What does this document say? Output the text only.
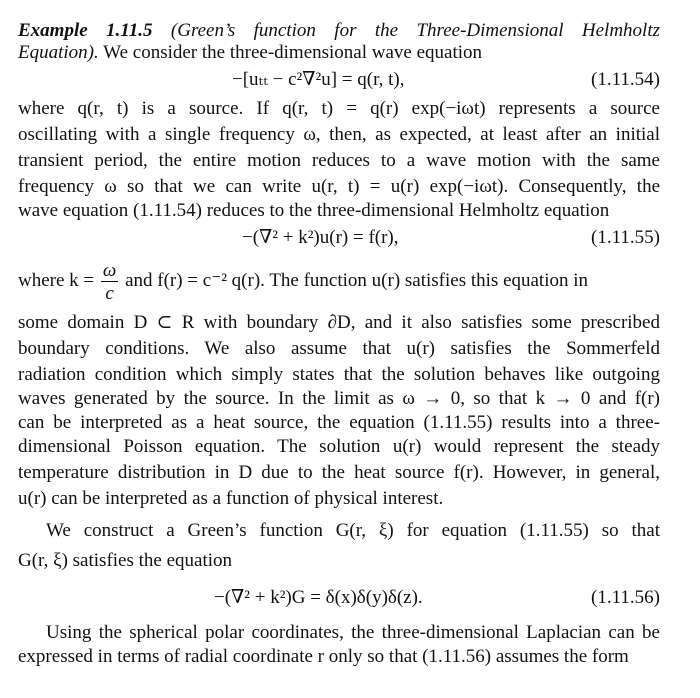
Example 1.11.5 (Green’s function for the Three-Dimensional Helmholtz
Equation). We consider the three-dimensional wave equation
−[uₜₜ − c²∇²u] = q(r, t),	(1.11.54)
where q(r, t) is a source. If q(r, t) = q(r) exp(−iωt) represents a source
oscillating with a single frequency ω, then, as expected, at least after an initial
transient period, the entire motion reduces to a wave motion with the same
frequency ω so that we can write u(r, t) = u(r) exp(−iωt). Consequently, the
wave equation (1.11.54) reduces to the three-dimensional Helmholtz equation
−(∇² + k²)u(r) = f(r),	(1.11.55)
where $k = \frac{\omega}{c}$ and f(r) = c⁻² q(r). The function u(r) satisfies this equation in
some domain D ⊂ R with boundary ∂D, and it also satisfies some prescribed
boundary conditions. We also assume that u(r) satisfies the Sommerfeld
radiation condition which simply states that the solution behaves like outgoing
waves generated by the source. In the limit as ω → 0, so that k → 0 and f(r)
can be interpreted as a heat source, the equation (1.11.55) results into a three-
dimensional Poisson equation. The solution u(r) would represent the steady
temperature distribution in D due to the heat source f(r). However, in general,
u(r) can be interpreted as a function of physical interest.
We construct a Green’s function G(r, ξ) for equation (1.11.55) so that
G(r, ξ) satisfies the equation
−(∇² + k²)G = δ(x)δ(y)δ(z).	(1.11.56)
Using the spherical polar coordinates, the three-dimensional Laplacian can be
expressed in terms of radial coordinate r only so that (1.11.56) assumes the form
